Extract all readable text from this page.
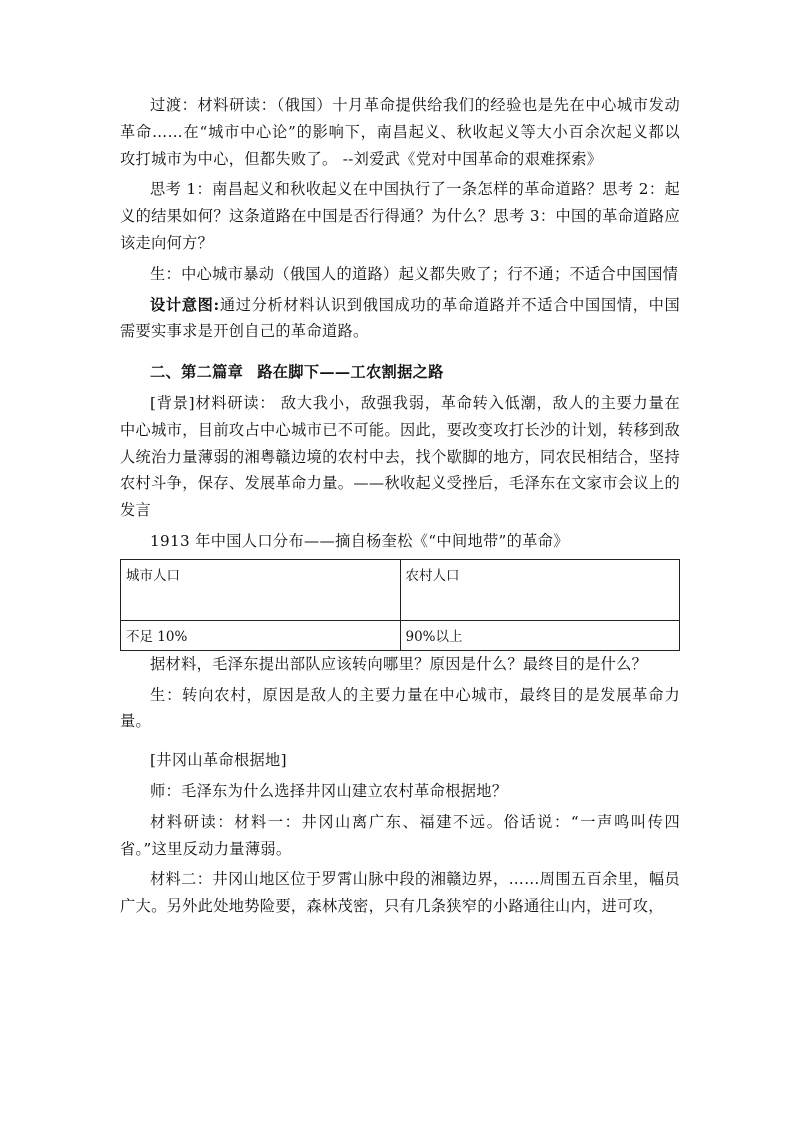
过渡：材料研读：（俄国）十月革命提供给我们的经验也是先在中心城市发动革命……在“城市中心论”的影响下，南昌起义、秋收起义等大小百余次起义都以攻打城市为中心，但都失败了。 --刘爱武《党对中国革命的艰难探索》

思考 1：南昌起义和秋收起义在中国执行了一条怎样的革命道路？思考 2：起义的结果如何？这条道路在中国是否行得通？为什么？思考 3：中国的革命道路应该走向何方？

生：中心城市暴动（俄国人的道路）起义都失败了；行不通；不适合中国国情

设计意图:通过分析材料认识到俄国成功的革命道路并不适合中国国情，中国需要实事求是开创自己的革命道路。

二、第二篇章 路在脚下——工农割据之路

[背景]材料研读： 敌大我小，敌强我弱，革命转入低潮，敌人的主要力量在中心城市，目前攻占中心城市已不可能。因此，要改变攻打长沙的计划，转移到敌人统治力量薄弱的湘粤赣边境的农村中去，找个歇脚的地方，同农民相结合，坚持农村斗争，保存、发展革命力量。——秋收起义受挫后，毛泽东在文家市会议上的发言

1913 年中国人口分布——摘自杨奎松《“中间地带”的革命》

城市人口	农村人口
不足 10%	90%以上

据材料，毛泽东提出部队应该转向哪里？原因是什么？最终目的是什么？

生：转向农村，原因是敌人的主要力量在中心城市，最终目的是发展革命力量。

[井冈山革命根据地]

师：毛泽东为什么选择井冈山建立农村革命根据地？

材料研读：材料一：井冈山离广东、福建不远。俗话说：“一声鸣叫传四省。”这里反动力量薄弱。

材料二：井冈山地区位于罗霄山脉中段的湘赣边界，……周围五百余里，幅员广大。另外此处地势险要，森林茂密，只有几条狭窄的小路通往山内，进可攻，
